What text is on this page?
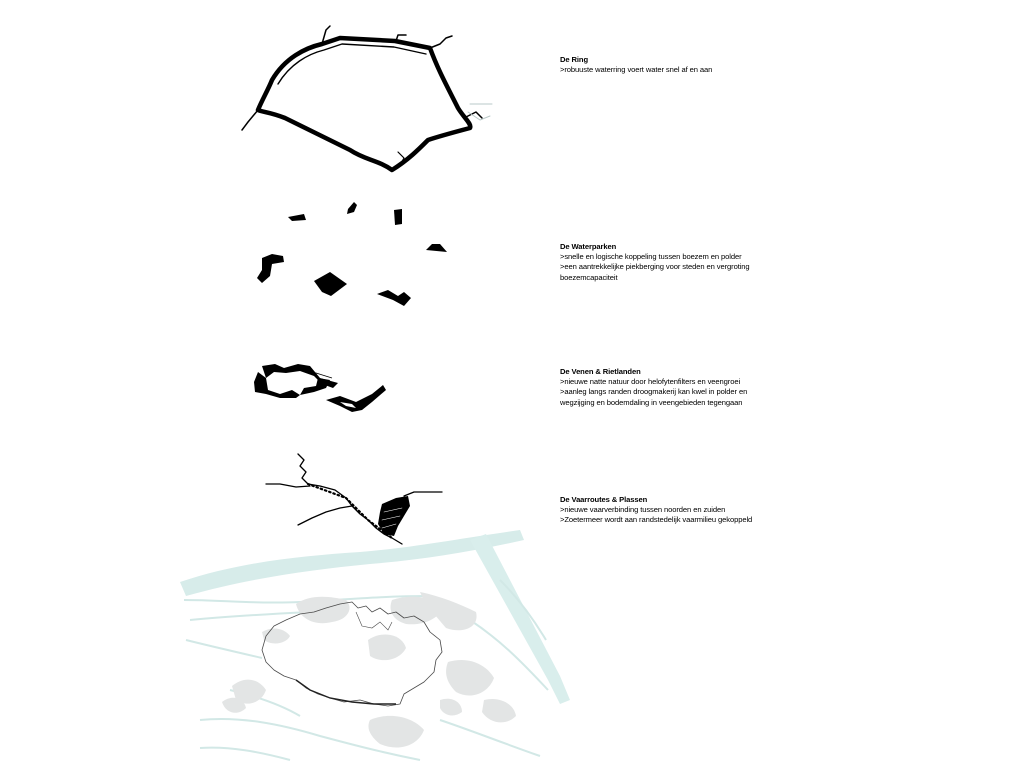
De Ring
>robuuste waterring voert water snel af en aan
De Waterparken
>snelle en logische koppeling tussen boezem en polder
>een aantrekkelijke piekberging voor steden en vergroting
boezemcapaciteit
De Venen & Rietlanden
>nieuwe natte natuur door helofytenfilters en veengroei
>aanleg langs randen droogmakerij kan kwel in polder en
wegzijging en bodemdaling in veengebieden tegengaan
De Vaarroutes & Plassen
>nieuwe vaarverbinding tussen noorden en zuiden
>Zoetermeer wordt aan randstedelijk vaarmilieu gekoppeld
